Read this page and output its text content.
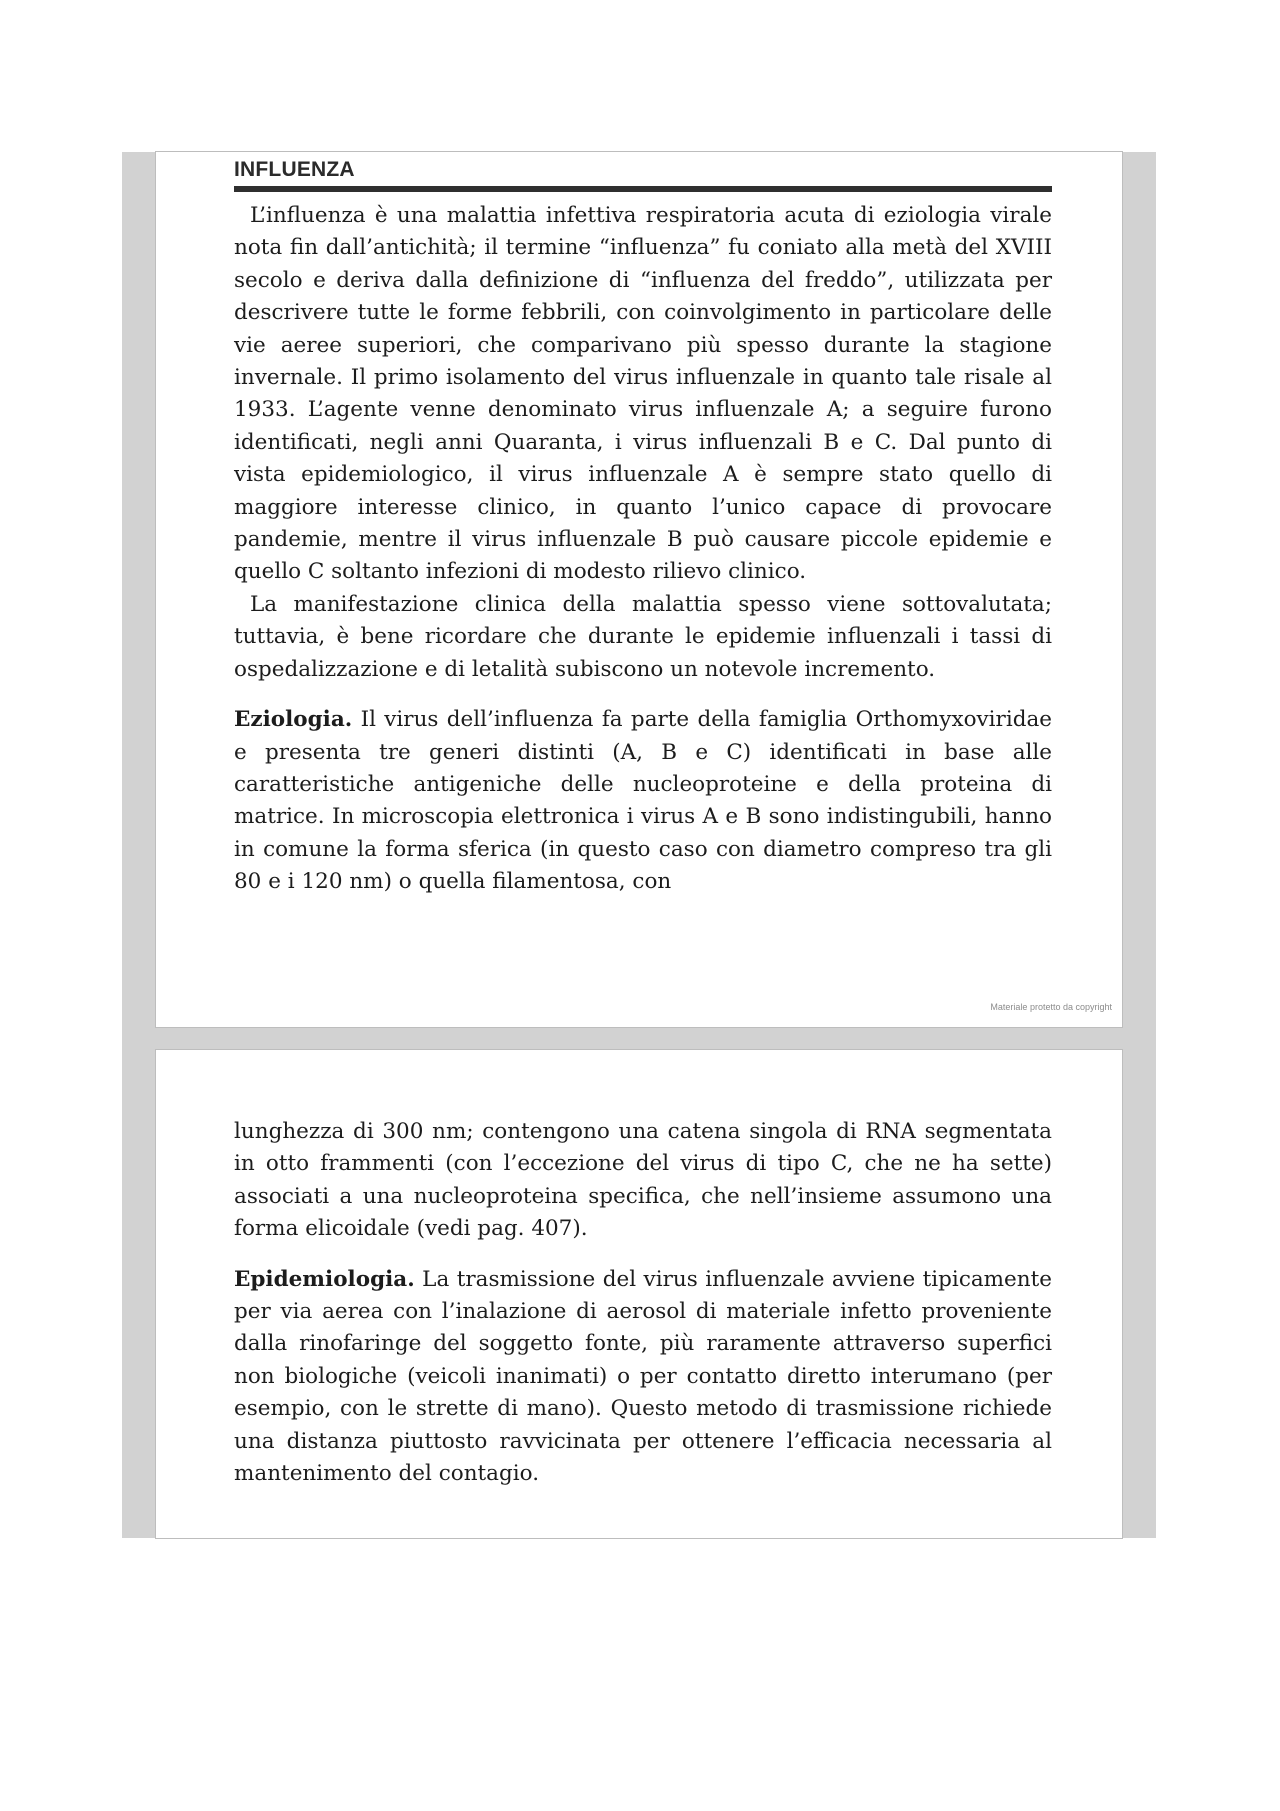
INFLUENZA

L’influenza è una malattia infettiva respiratoria acuta di eziologia virale nota fin dall’antichità; il termine “influenza” fu coniato alla metà del XVIII secolo e deriva dalla definizione di “influenza del freddo”, utilizzata per descrivere tutte le forme febbrili, con coinvolgimento in particolare delle vie aeree superiori, che comparivano più spesso durante la stagione invernale. Il primo isolamento del virus influenzale in quanto tale risale al 1933. L’agente venne denominato virus influenzale A; a seguire furono identificati, negli anni Quaranta, i virus influenzali B e C. Dal punto di vista epidemiologico, il virus influenzale A è sempre stato quello di maggiore interesse clinico, in quanto l’unico capace di provocare pandemie, mentre il virus influenzale B può causare piccole epidemie e quello C soltanto infezioni di modesto rilievo clinico.

La manifestazione clinica della malattia spesso viene sottovalutata; tuttavia, è bene ricordare che durante le epidemie influenzali i tassi di ospedalizzazione e di letalità subiscono un notevole incremento.

Eziologia. Il virus dell’influenza fa parte della famiglia Orthomyxoviridae e presenta tre generi distinti (A, B e C) identificati in base alle caratteristiche antigeniche delle nucleoproteine e della proteina di matrice. In microscopia elettronica i virus A e B sono indistingubili, hanno in comune la forma sferica (in questo caso con diametro compreso tra gli 80 e i 120 nm) o quella filamentosa, con

Materiale protetto da copyright

lunghezza di 300 nm; contengono una catena singola di RNA segmentata in otto frammenti (con l’eccezione del virus di tipo C, che ne ha sette) associati a una nucleoproteina specifica, che nell’insieme assumono una forma elicoidale (vedi pag. 407).

Epidemiologia. La trasmissione del virus influenzale avviene tipicamente per via aerea con l’inalazione di aerosol di materiale infetto proveniente dalla rinofaringe del soggetto fonte, più raramente attraverso superfici non biologiche (veicoli inanimati) o per contatto diretto interumano (per esempio, con le strette di mano). Questo metodo di trasmissione richiede una distanza piuttosto ravvicinata per ottenere l’efficacia necessaria al mantenimento del contagio.
